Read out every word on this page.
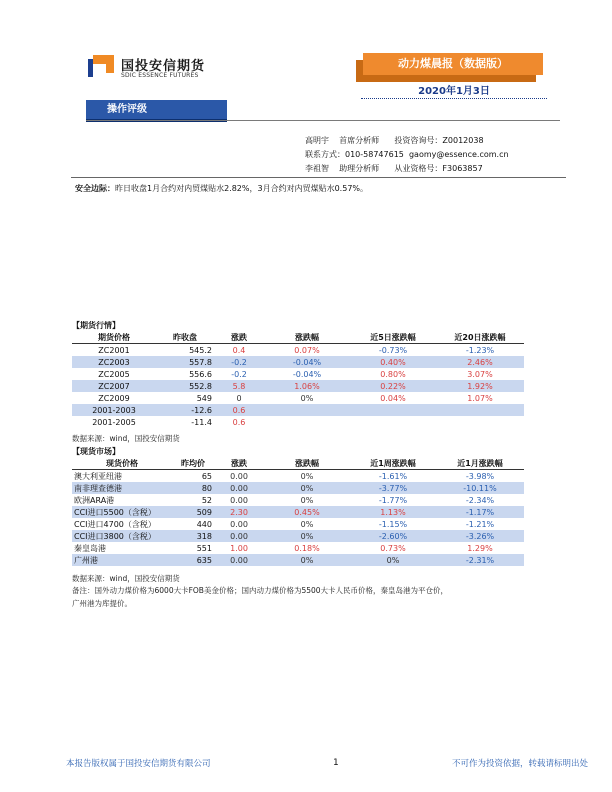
国投安信期货
SDIC ESSENCE FUTURES
动力煤晨报（数据版）
2020年1月3日
操作评级
高明宇    首席分析师      投资咨询号：Z0012038
联系方式：010-58747615  gaomy@essence.com.cn
李祖智    助理分析师      从业资格号：F3063857
安全边际：昨日收盘1月合约对内贸煤贴水2.82%，3月合约对内贸煤贴水0.57%。
【期货行情】
期货价格	昨收盘	涨跌	涨跌幅	近5日涨跌幅	近20日涨跌幅
ZC2001	545.2	0.4	0.07%	-0.73%	-1.23%
ZC2003	557.8	-0.2	-0.04%	0.40%	2.46%
ZC2005	556.6	-0.2	-0.04%	0.80%	3.07%
ZC2007	552.8	5.8	1.06%	0.22%	1.92%
ZC2009	549	0	0%	0.04%	1.07%
2001-2003	-12.6	0.6			
2001-2005	-11.4	0.6			
数据来源：wind，国投安信期货
【现货市场】
现货价格	昨均价	涨跌	涨跌幅	近1周涨跌幅	近1月涨跌幅
澳大利亚纽港	65	0.00	0%	-1.61%	-3.98%
南非理查德港	80	0.00	0%	-3.77%	-10.11%
欧洲ARA港	52	0.00	0%	-1.77%	-2.34%
CCI进口5500（含税）	509	2.30	0.45%	1.13%	-1.17%
CCI进口4700（含税）	440	0.00	0%	-1.15%	-1.21%
CCI进口3800（含税）	318	0.00	0%	-2.60%	-3.26%
秦皇岛港	551	1.00	0.18%	0.73%	1.29%
广州港	635	0.00	0%	0%	-2.31%
数据来源：wind，国投安信期货
备注：国外动力煤价格为6000大卡FOB美金价格；国内动力煤价格为5500大卡人民币价格，秦皇岛港为平仓价，
广州港为库提价。
本报告版权属于国投安信期货有限公司	1	不可作为投资依据，转载请标明出处
